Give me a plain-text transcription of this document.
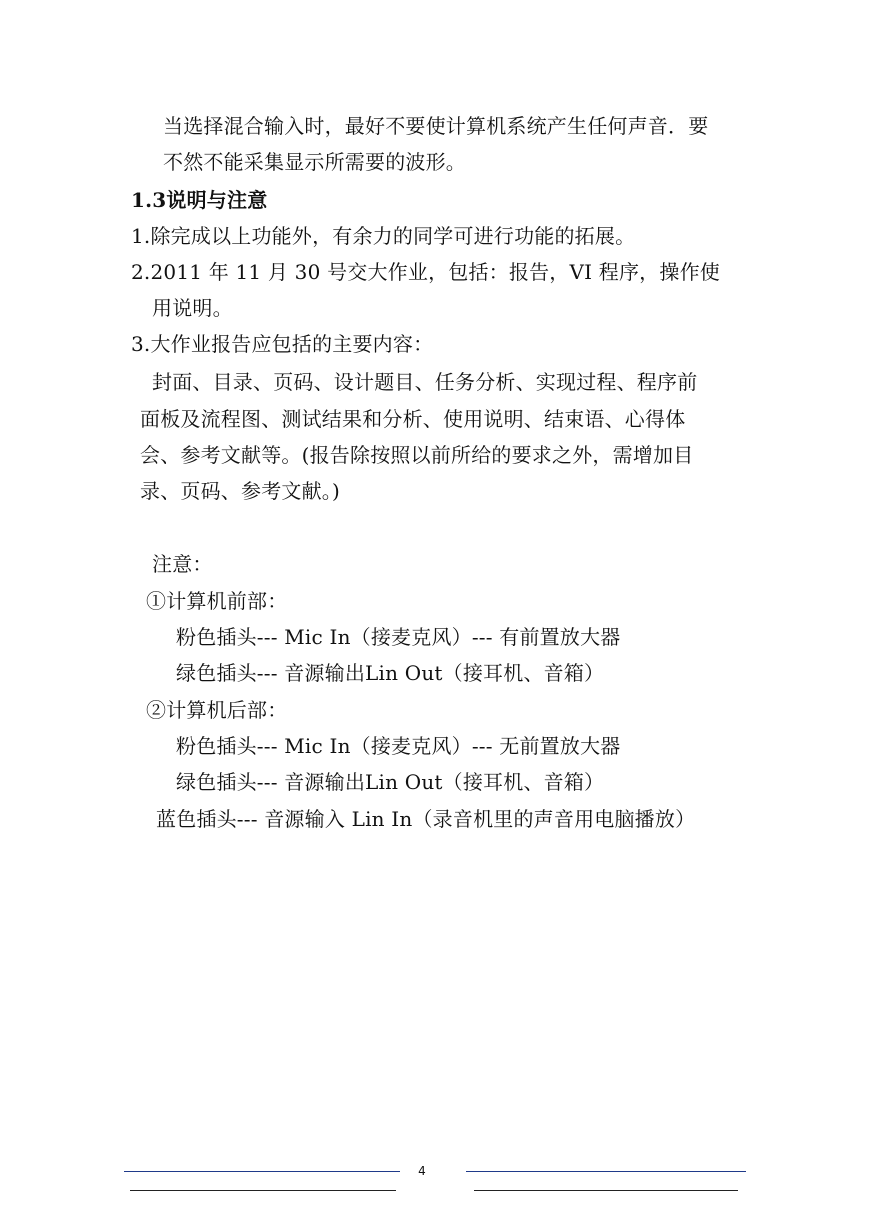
当选择混合输入时，最好不要使计算机系统产生任何声音．要
不然不能采集显示所需要的波形。
1.3说明与注意
1.除完成以上功能外，有余力的同学可进行功能的拓展。
2.2011 年 11 月 30 号交大作业，包括：报告，VI 程序，操作使
用说明。
3.大作业报告应包括的主要内容：
封面、目录、页码、设计题目、任务分析、实现过程、程序前
面板及流程图、测试结果和分析、使用说明、结束语、心得体
会、参考文献等。(报告除按照以前所给的要求之外，需增加目
录、页码、参考文献。)
注意：
①计算机前部：
粉色插头--- Mic In（接麦克风）--- 有前置放大器
绿色插头--- 音源输出Lin Out（接耳机、音箱）
②计算机后部：
粉色插头--- Mic In（接麦克风）--- 无前置放大器
绿色插头--- 音源输出Lin Out（接耳机、音箱）
蓝色插头--- 音源输入 Lin In（录音机里的声音用电脑播放）
4
